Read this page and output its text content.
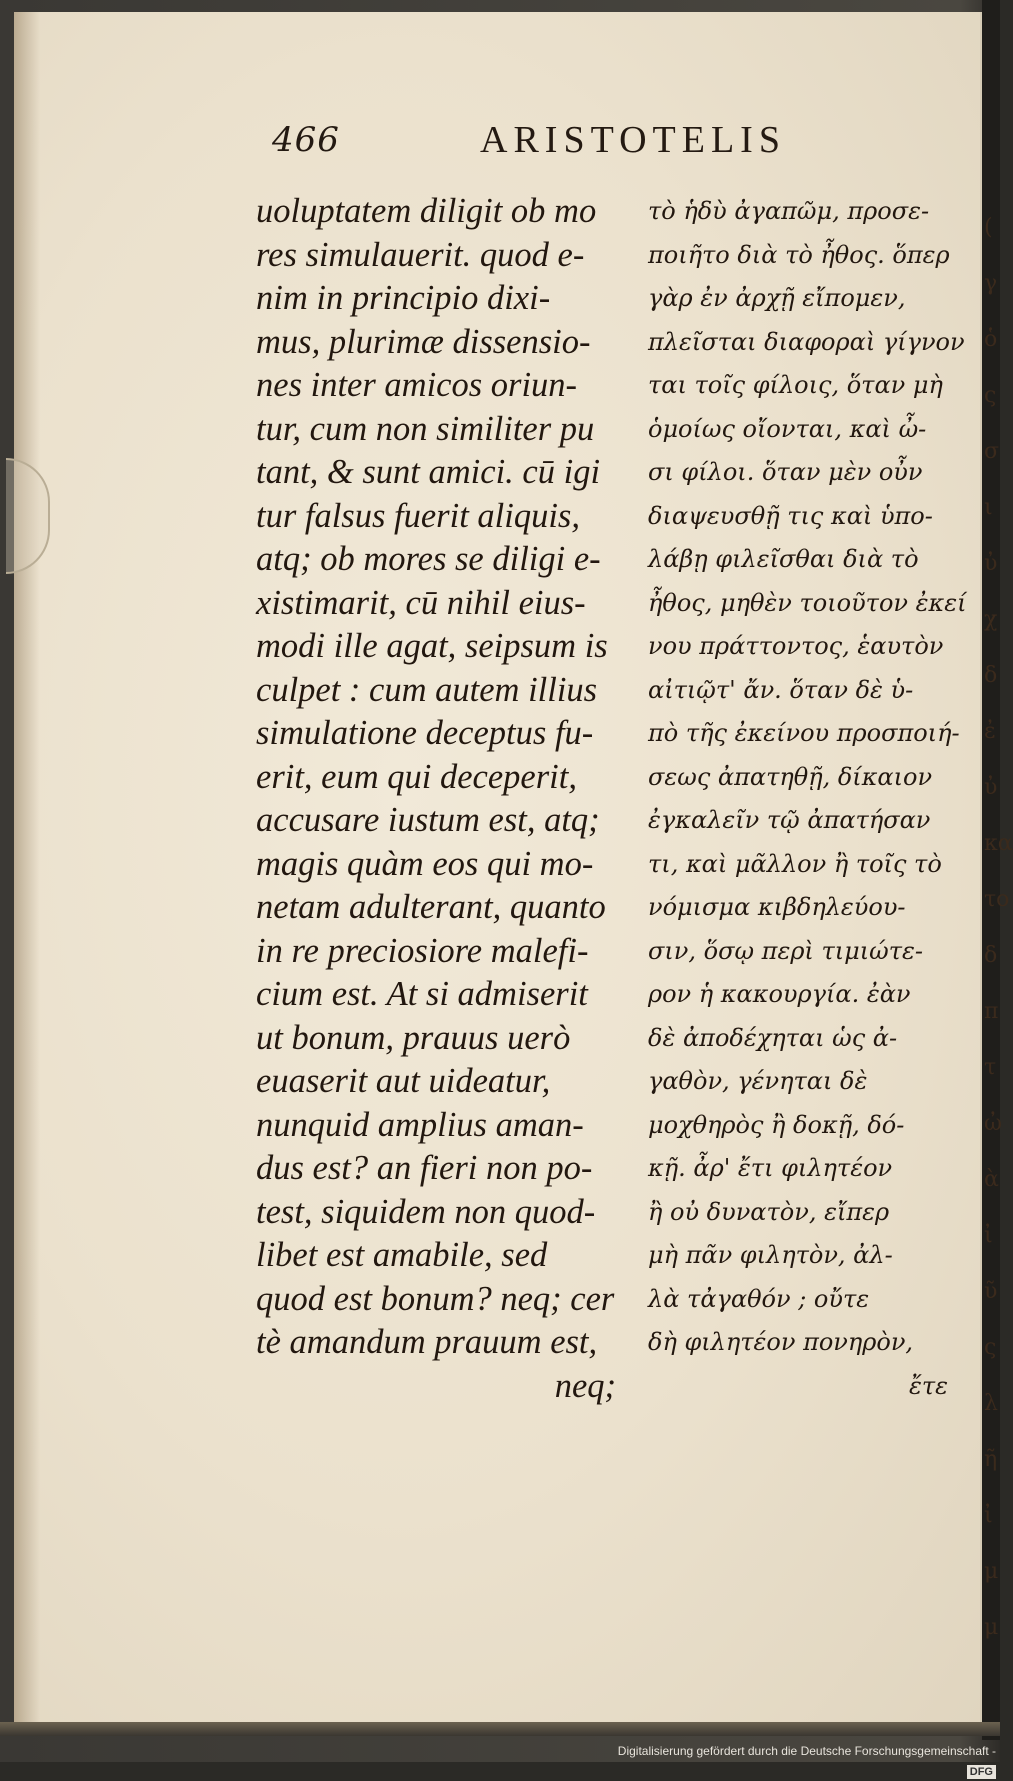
(
γ
ὁ
ς
σ
ι
ὐ
χ
δ
ἐ
ὐ
κα
το
δ
π
τ
ὠ
ὰ
ἰ
ῦ
ς
λ
ῆ
ἰ
μ
μ
466	ARISTOTELIS
uoluptatem diligit ob mo
res simulauerit. quod e-
nim in principio dixi-
mus, plurimæ dissensio-
nes inter amicos oriun-
tur, cum non similiter pu
tant, & sunt amici. cū igi
tur falsus fuerit aliquis,
atq; ob mores se diligi e-
xistimarit, cū nihil eius-
modi ille agat, seipsum is
culpet : cum autem illius
simulatione deceptus fu-
erit, eum qui deceperit,
accusare iustum est, atq;
magis quàm eos qui mo-
netam adulterant, quanto
in re preciosiore malefi-
cium est. At si admiserit
ut bonum, prauus uerò
euaserit aut uideatur,
nunquid amplius aman-
dus est? an fieri non po-
test, siquidem non quod-
libet est amabile, sed
quod est bonum? neq; cer
tè amandum prauum est,
neq;
τὸ ἡδὺ ἀγαπῶμ, προσε-
ποιῆτο διὰ τὸ ἦθος. ὅπερ
γὰρ ἐν ἀρχῇ εἴπομεν,
πλεῖσται διαφοραὶ γίγνον
ται τοῖς φίλοις, ὅταν μὴ
ὁμοίως οἴονται, καὶ ὦ-
σι φίλοι. ὅταν μὲν οὖν
διαψευσθῇ τις καὶ ὑπο-
λάβῃ φιλεῖσθαι διὰ τὸ
ἦθος, μηθὲν τοιοῦτον ἐκεί
νου πράττοντος, ἑαυτὸν
αἰτιῷτ' ἄν. ὅταν δὲ ὑ-
πὸ τῆς ἐκείνου προσποιή-
σεως ἀπατηθῇ, δίκαιον
ἐγκαλεῖν τῷ ἀπατήσαν
τι, καὶ μᾶλλον ἢ τοῖς τὸ
νόμισμα κιβδηλεύου-
σιν, ὅσῳ περὶ τιμιώτε-
ρον ἡ κακουργία. ἐὰν
δὲ ἀποδέχηται ὡς ἀ-
γαθὸν, γένηται δὲ
μοχθηρὸς ἢ δοκῇ, δό-
κῇ. ἆρ' ἔτι φιλητέον
ἢ οὐ δυνατὸν, εἴπερ
μὴ πᾶν φιλητὸν, ἀλ-
λὰ τἀγαθόν ; οὔτε
δὴ φιλητέον πονηρὸν,
ἔτε
Digitalisierung gefördert durch die Deutsche Forschungsgemeinschaft -DFG
